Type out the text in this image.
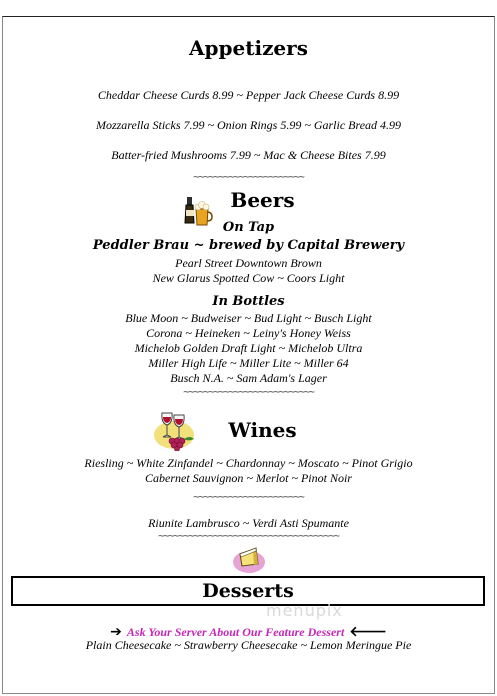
Appetizers
Cheddar Cheese Curds 8.99 ~ Pepper Jack Cheese Curds 8.99
Mozzarella Sticks 7.99 ~ Onion Rings 5.99 ~ Garlic Bread 4.99
Batter-fried Mushrooms 7.99 ~ Mac & Cheese Bites 7.99
~~~~~~~~~~~~~~~~~~~~~~
Beers
On Tap
Peddler Brau ~ brewed by Capital Brewery
Pearl Street Downtown Brown
New Glarus Spotted Cow ~ Coors Light
In Bottles
Blue Moon ~ Budweiser ~ Bud Light ~ Busch Light
Corona ~ Heineken ~ Leiny's Honey Weiss
Michelob Golden Draft Light ~ Michelob Ultra
Miller High Life ~ Miller Lite ~ Miller 64
Busch N.A. ~ Sam Adam's Lager
~~~~~~~~~~~~~~~~~~~~~~~~~~
Wines
Riesling ~ White Zinfandel ~ Chardonnay ~ Moscato ~ Pinot Grigio
Cabernet Sauvignon ~ Merlot ~ Pinot Noir
~~~~~~~~~~~~~~~~~~~~~~
Riunite Lambrusco ~ Verdi Asti Spumante
~~~~~~~~~~~~~~~~~~~~~~~~~~~~~~~~~~~~
Desserts
menupix
➔ Ask Your Server About Our Feature Dessert 🡐
Plain Cheesecake ~ Strawberry Cheesecake ~ Lemon Meringue Pie
